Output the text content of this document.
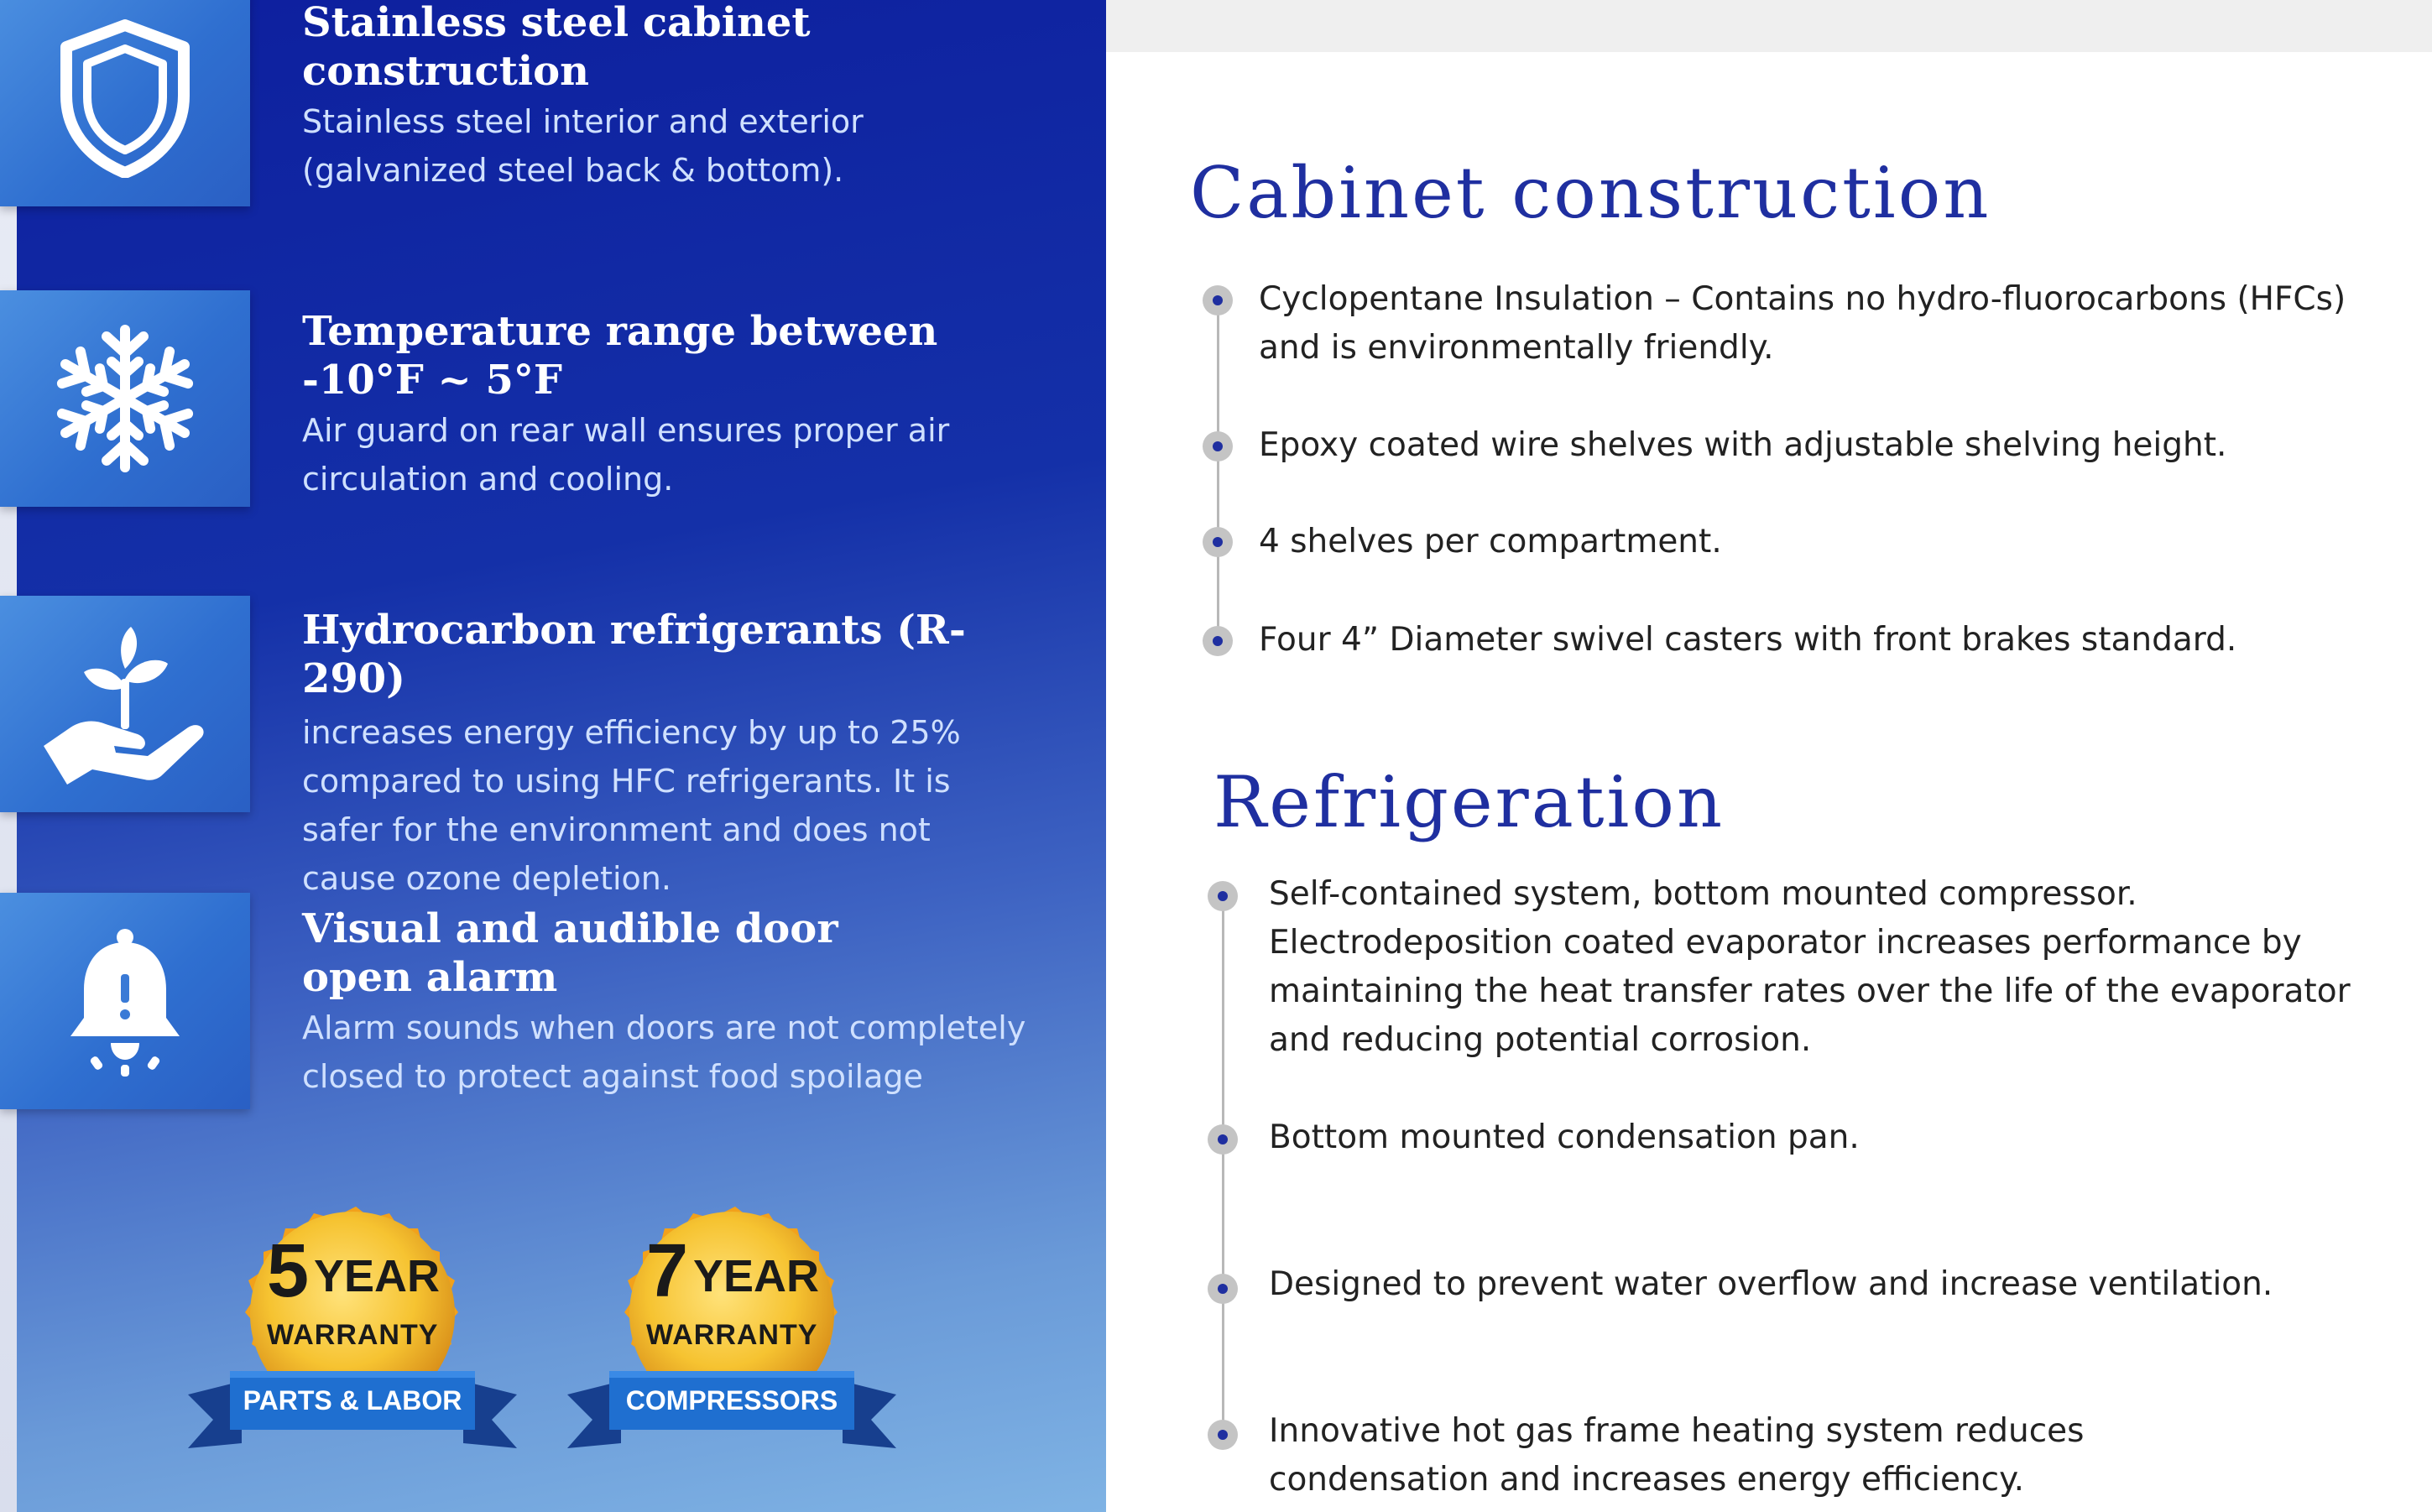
Stainless steel cabinet construction
Stainless steel interior and exterior (galvanized steel back & bottom).
Temperature range between -10°F ~ 5°F
Air guard on rear wall ensures proper air circulation and cooling.
Hydrocarbon refrigerants (R-290)
increases energy efficiency by up to 25% compared to using HFC refrigerants. It is safer for the environment and does not cause ozone depletion.
Visual and audible door open alarm
Alarm sounds when doors are not completely closed to protect against food spoilage
5 YEAR
WARRANTY
PARTS & LABOR
7 YEAR
WARRANTY
COMPRESSORS
Cabinet construction
Cyclopentane Insulation – Contains no hydro-fluorocarbons (HFCs) and is environmentally friendly.
Epoxy coated wire shelves with adjustable shelving height.
4 shelves per compartment.
Four 4” Diameter swivel casters with front brakes standard.
Refrigeration
Self-contained system, bottom mounted compressor. Electrodeposition coated evaporator increases performance by maintaining the heat transfer rates over the life of the evaporator and reducing potential corrosion.
Bottom mounted condensation pan.
Designed to prevent water overflow and increase ventilation.
Innovative hot gas frame heating system reduces condensation and increases energy efficiency.
